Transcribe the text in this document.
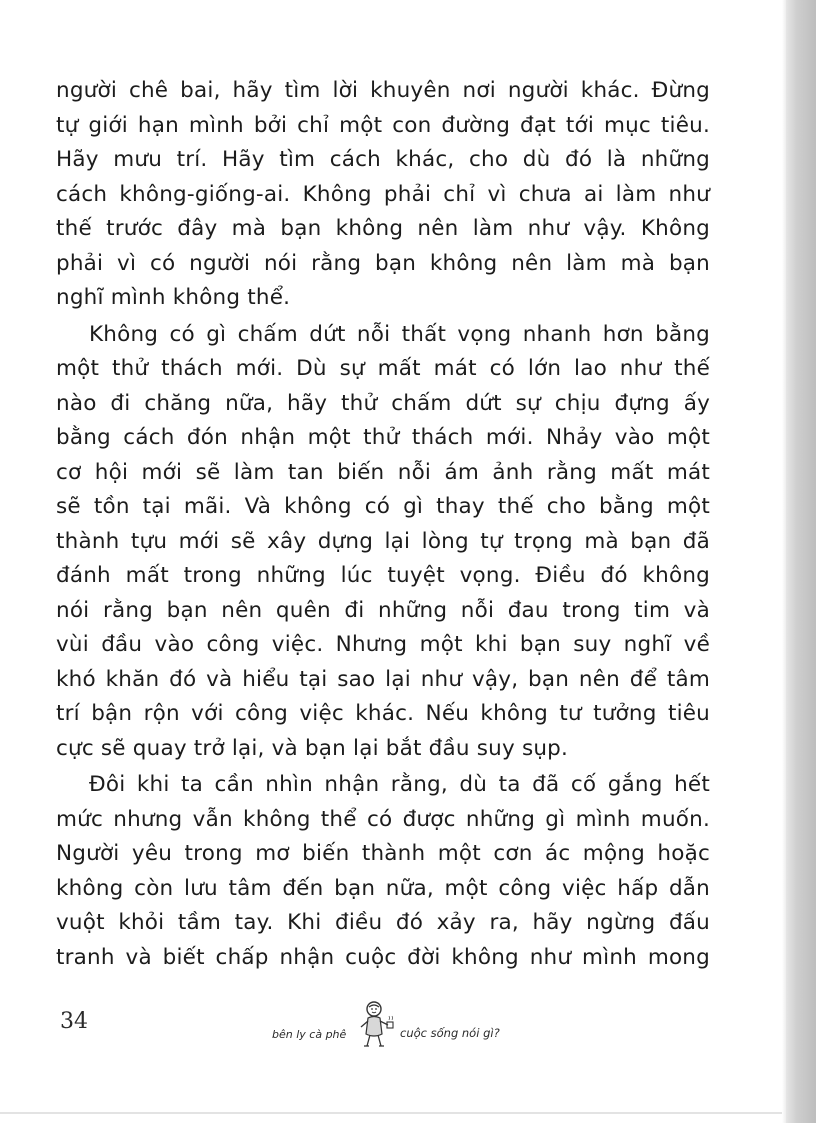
người chê bai, hãy tìm lời khuyên nơi người khác. Đừng
tự giới hạn mình bởi chỉ một con đường đạt tới mục tiêu.
Hãy mưu trí. Hãy tìm cách khác, cho dù đó là những
cách không-giống-ai. Không phải chỉ vì chưa ai làm như
thế trước đây mà bạn không nên làm như vậy. Không
phải vì có người nói rằng bạn không nên làm mà bạn
nghĩ mình không thể.
Không có gì chấm dứt nỗi thất vọng nhanh hơn bằng
một thử thách mới. Dù sự mất mát có lớn lao như thế
nào đi chăng nữa, hãy thử chấm dứt sự chịu đựng ấy
bằng cách đón nhận một thử thách mới. Nhảy vào một
cơ hội mới sẽ làm tan biến nỗi ám ảnh rằng mất mát
sẽ tồn tại mãi. Và không có gì thay thế cho bằng một
thành tựu mới sẽ xây dựng lại lòng tự trọng mà bạn đã
đánh mất trong những lúc tuyệt vọng. Điều đó không
nói rằng bạn nên quên đi những nỗi đau trong tim và
vùi đầu vào công việc. Nhưng một khi bạn suy nghĩ về
khó khăn đó và hiểu tại sao lại như vậy, bạn nên để tâm
trí bận rộn với công việc khác. Nếu không tư tưởng tiêu
cực sẽ quay trở lại, và bạn lại bắt đầu suy sụp.
Đôi khi ta cần nhìn nhận rằng, dù ta đã cố gắng hết
mức nhưng vẫn không thể có được những gì mình muốn.
Người yêu trong mơ biến thành một cơn ác mộng hoặc
không còn lưu tâm đến bạn nữa, một công việc hấp dẫn
vuột khỏi tầm tay. Khi điều đó xảy ra, hãy ngừng đấu
tranh và biết chấp nhận cuộc đời không như mình mong
34
bên ly cà phê	cuộc sống nói gì?
